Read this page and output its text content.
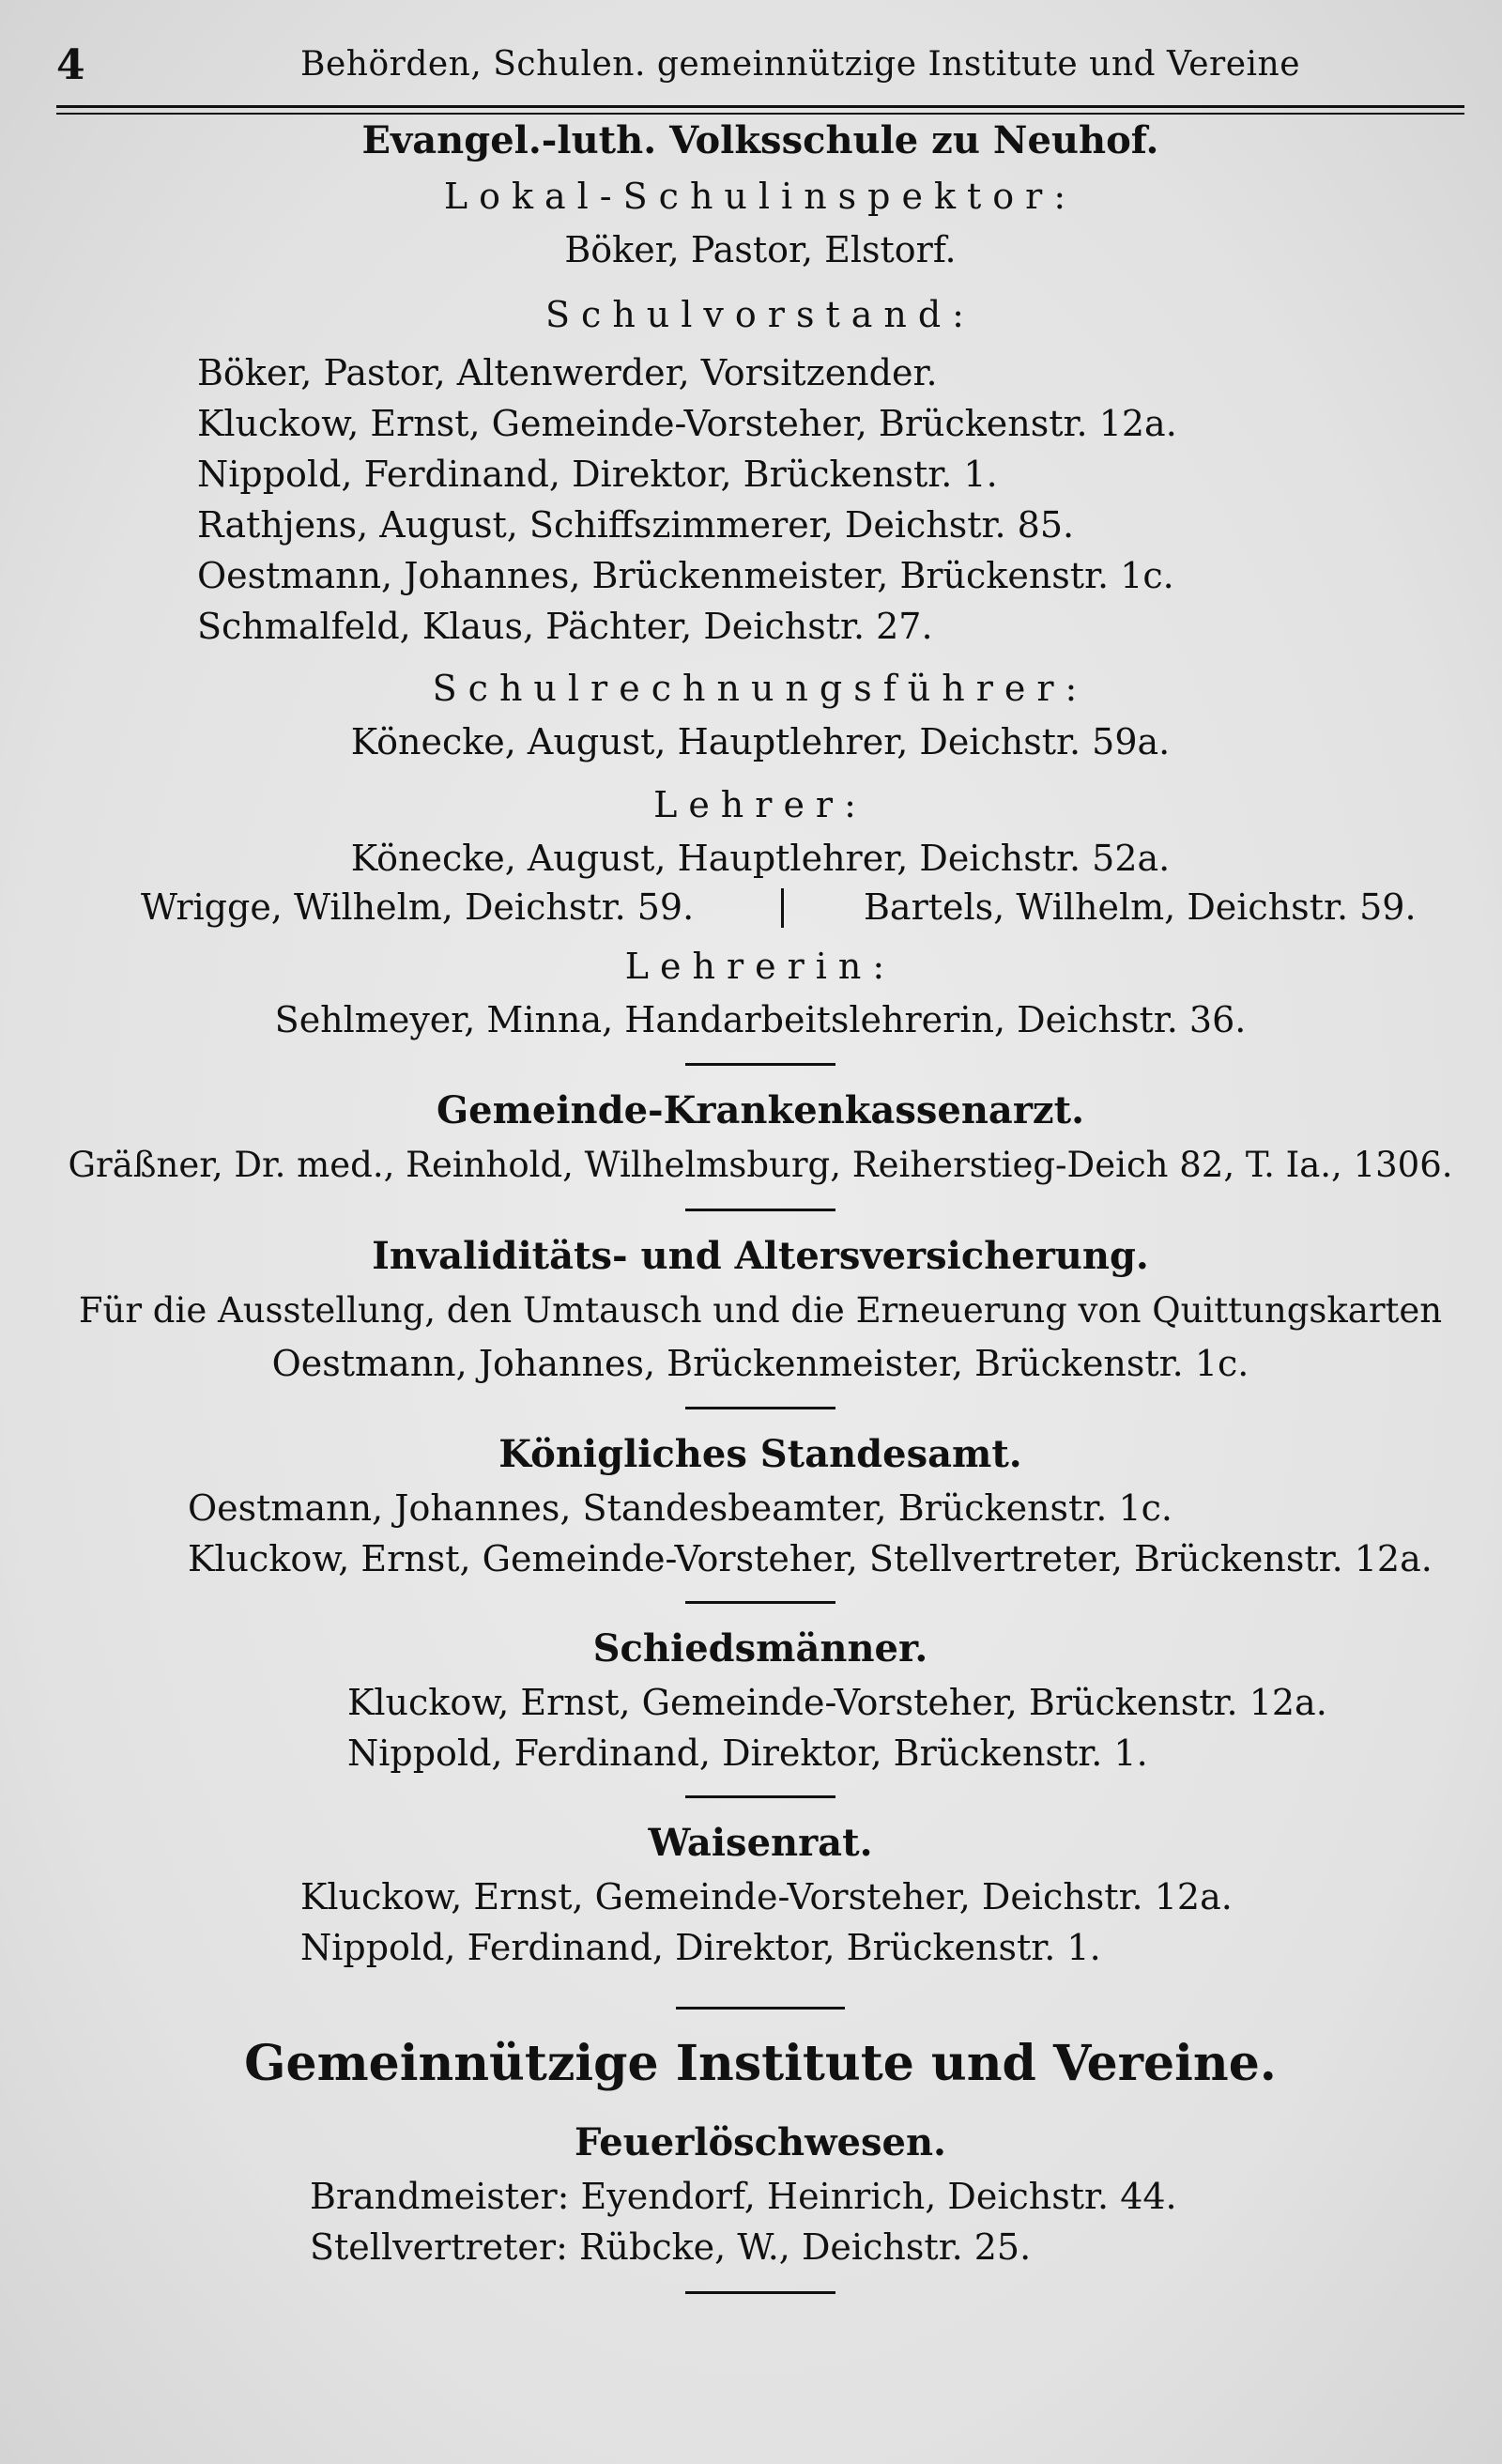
4	Behörden, Schulen. gemeinnützige Institute und Vereine

Evangel.-luth. Volksschule zu Neuhof.

Lokal-Schulinspektor:

Böker, Pastor, Elstorf.

Schulvorstand:

Böker, Pastor, Altenwerder, Vorsitzender.
Kluckow, Ernst, Gemeinde-Vorsteher, Brückenstr. 12a.
Nippold, Ferdinand, Direktor, Brückenstr. 1.
Rathjens, August, Schiffszimmerer, Deichstr. 85.
Oestmann, Johannes, Brückenmeister, Brückenstr. 1c.
Schmalfeld, Klaus, Pächter, Deichstr. 27.

Schulrechnungsführer:

Könecke, August, Hauptlehrer, Deichstr. 59a.

Lehrer:

Könecke, August, Hauptlehrer, Deichstr. 52a.

Wrigge, Wilhelm, Deichstr. 59.	Bartels, Wilhelm, Deichstr. 59.

Lehrerin:

Sehlmeyer, Minna, Handarbeitslehrerin, Deichstr. 36.

Gemeinde-Krankenkassenarzt.

Gräßner, Dr. med., Reinhold, Wilhelmsburg, Reiherstieg-Deich 82, T. Ia., 1306.

Invaliditäts- und Altersversicherung.

Für die Ausstellung, den Umtausch und die Erneuerung von Quittungskarten

Oestmann, Johannes, Brückenmeister, Brückenstr. 1c.

Königliches Standesamt.

Oestmann, Johannes, Standesbeamter, Brückenstr. 1c.
Kluckow, Ernst, Gemeinde-Vorsteher, Stellvertreter, Brückenstr. 12a.

Schiedsmänner.

Kluckow, Ernst, Gemeinde-Vorsteher, Brückenstr. 12a.
Nippold, Ferdinand, Direktor, Brückenstr. 1.

Waisenrat.

Kluckow, Ernst, Gemeinde-Vorsteher, Deichstr. 12a.
Nippold, Ferdinand, Direktor, Brückenstr. 1.

Gemeinnützige Institute und Vereine.

Feuerlöschwesen.

Brandmeister: Eyendorf, Heinrich, Deichstr. 44.
Stellvertreter: Rübcke, W., Deichstr. 25.
